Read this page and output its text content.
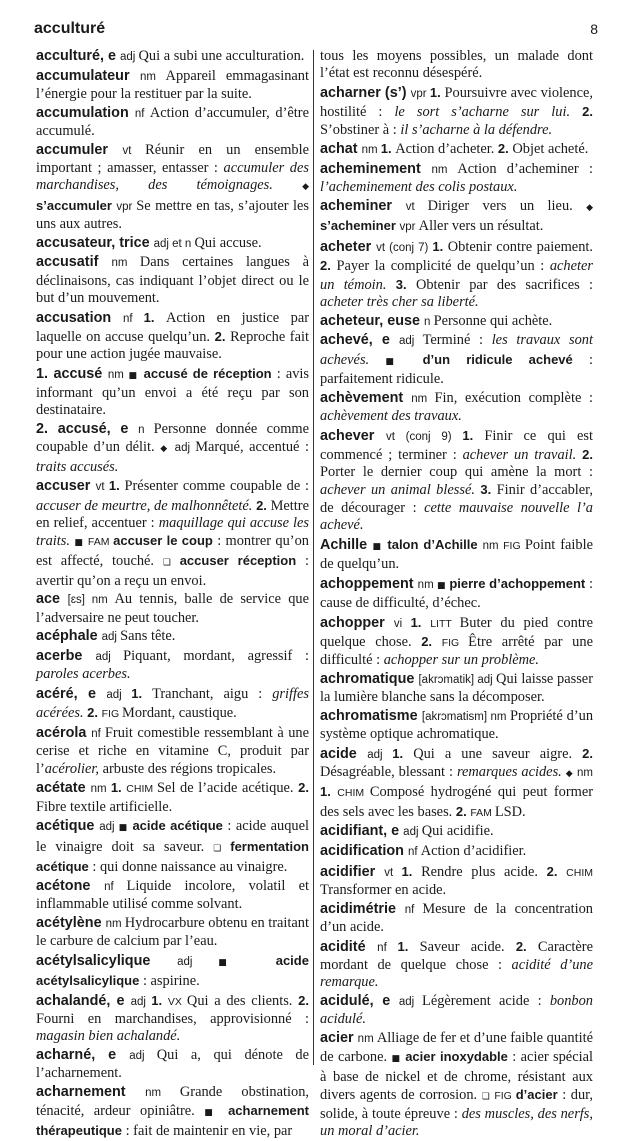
acculturé	8
acculturé, e adj Qui a subi une acculturation.
accumulateur nm Appareil emmagasinant l’énergie pour la restituer par la suite.
accumulation nf Action d’accumuler, d’être accumulé.
accumuler vt Réunir en un ensemble important ; amasser, entasser : accumuler des marchandises, des témoignages.	◆ s’accumuler vpr Se mettre en tas, s’ajouter les uns aux autres.
accusateur, trice adj et n Qui accuse.
accusatif nm Dans certaines langues à déclinaisons, cas indiquant l’objet direct ou le but d’un mouvement.
accusation nf 1. Action en justice par laquelle on accuse quelqu’un. 2. Reproche fait pour une action jugée mauvaise.
1. accusé nm ■ accusé de réception : avis informant qu’un envoi a été reçu par son destinataire.
2. accusé, e n Personne donnée comme coupable d’un délit. ◆ adj Marqué, accentué : traits accusés.
accuser vt 1. Présenter comme coupable de : accuser de meurtre, de malhonnêteté. 2. Mettre en relief, accentuer : maquillage qui accuse les traits. ■ FAM accuser le coup : montrer qu’on est affecté, touché. ❏ accuser réception : avertir qu’on a reçu un envoi.
ace [ɛs] nm Au tennis, balle de service que l’adversaire ne peut toucher.
acéphale adj Sans tête.
acerbe adj Piquant, mordant, agressif : paroles acerbes.
acéré, e adj 1. Tranchant, aigu : griffes acérées. 2. FIG Mordant, caustique.
acérola nf Fruit comestible ressemblant à une cerise et riche en vitamine C, produit par l’acérolier, arbuste des régions tropicales.
acétate nm 1. CHIM Sel de l’acide acétique. 2. Fibre textile artificielle.
acétique adj ■ acide acétique : acide auquel le vinaigre doit sa saveur. ❏ fermentation acétique : qui donne naissance au vinaigre.
acétone nf Liquide incolore, volatil et inflammable utilisé comme solvant.
acétylène nm Hydrocarbure obtenu en traitant le carbure de calcium par l’eau.
acétylsalicylique adj ■ acide acétylsalicylique : aspirine.
achalandé, e adj 1. VX Qui a des clients. 2. Fourni en marchandises, approvisionné : magasin bien achalandé.
acharné, e adj Qui a, qui dénote de l’acharnement.
acharnement nm Grande obstination, ténacité, ardeur opiniâtre. ■ acharnement thérapeutique : fait de maintenir en vie, par
tous les moyens possibles, un malade dont l’état est reconnu désespéré.
acharner (s’) vpr 1. Poursuivre avec violence, hostilité : le sort s’acharne sur lui. 2. S’obstiner à : il s’acharne à la défendre.
achat nm 1. Action d’acheter. 2. Objet acheté.
acheminement nm Action d’acheminer : l’acheminement des colis postaux.
acheminer vt Diriger vers un lieu. ◆ s’acheminer vpr Aller vers un résultat.
acheter vt (conj 7) 1. Obtenir contre paiement. 2. Payer la complicité de quelqu’un : acheter un témoin. 3. Obtenir par des sacrifices : acheter très cher sa liberté.
acheteur, euse n Personne qui achète.
achevé, e adj Terminé : les travaux sont achevés. ■ d’un ridicule achevé : parfaitement ridicule.
achèvement nm Fin, exécution complète : achèvement des travaux.
achever vt (conj 9) 1. Finir ce qui est commencé ; terminer : achever un travail. 2. Porter le dernier coup qui amène la mort : achever un animal blessé. 3. Finir d’accabler, de décourager : cette mauvaise nouvelle l’a achevé.
Achille ■ talon d’Achille nm FIG Point faible de quelqu’un.
achoppement nm ■ pierre d’achoppement : cause de difficulté, d’échec.
achopper vi 1. LITT Buter du pied contre quelque chose. 2. FIG Être arrêté par une difficulté : achopper sur un problème.
achromatique [akrɔmatik] adj Qui laisse passer la lumière blanche sans la décomposer.
achromatisme [akrɔmatism] nm Propriété d’un système optique achromatique.
acide adj 1. Qui a une saveur aigre. 2. Désagréable, blessant : remarques acides. ◆ nm 1. CHIM Composé hydrogéné qui peut former des sels avec les bases. 2. FAM LSD.
acidifiant, e adj Qui acidifie.
acidification nf Action d’acidifier.
acidifier vt 1. Rendre plus acide. 2. CHIM Transformer en acide.
acidimétrie nf Mesure de la concentration d’un acide.
acidité nf 1. Saveur acide. 2. Caractère mordant de quelque chose : acidité d’une remarque.
acidulé, e adj Légèrement acide : bonbon acidulé.
acier nm Alliage de fer et d’une faible quantité de carbone. ■ acier inoxydable : acier spécial à base de nickel et de chrome, résistant aux divers agents de corrosion. ❏ FIG d’acier : dur, solide, à toute épreuve : des muscles, des nerfs, un moral d’acier.
